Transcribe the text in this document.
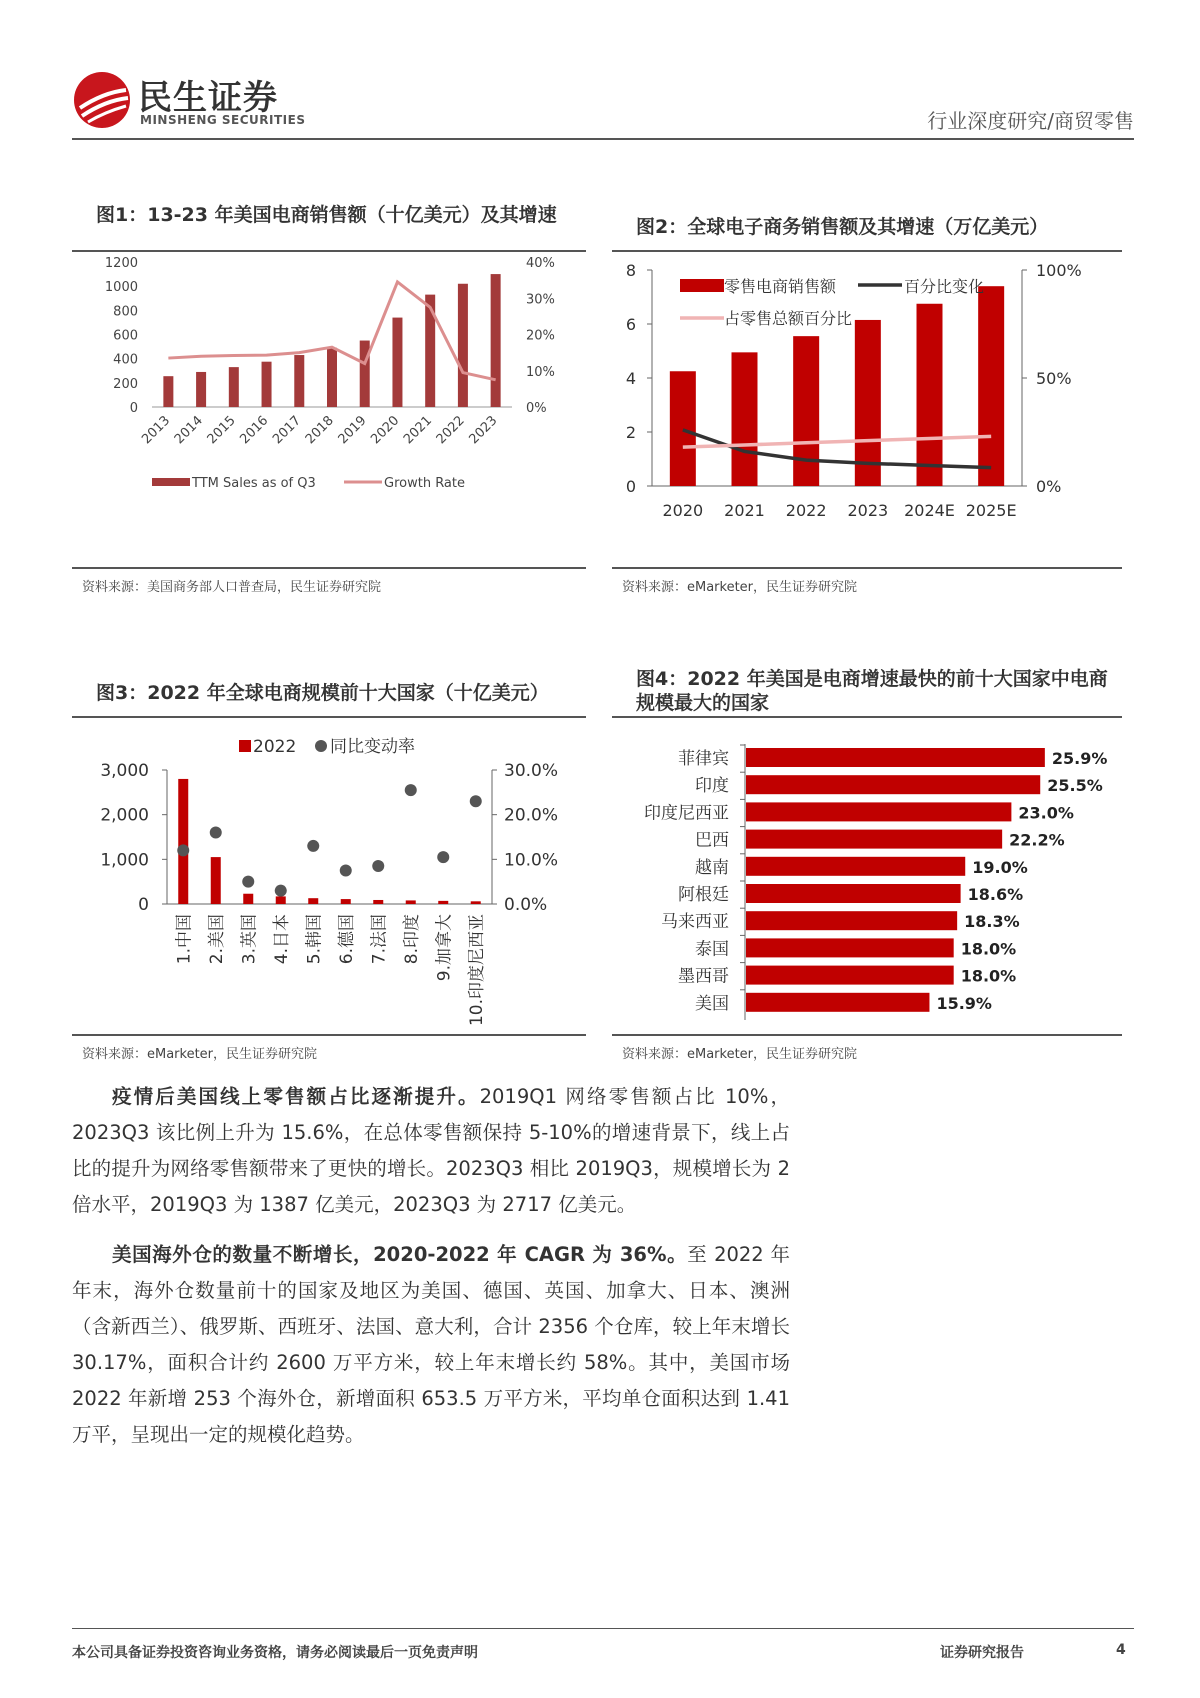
民生证券
MINSHENG SECURITIES	行业深度研究/商贸零售
图1：13-23 年美国电商销售额（十亿美元）及其增速
1200
1000
800
600
400
200
0
40%
30%
20%
10%
0%
2013
2014
2015
2016
2017
2018
2019
2020
2021
2022
2023
TTM Sales as of Q3	Growth Rate
资料来源：美国商务部人口普查局，民生证券研究院
图2：全球电子商务销售额及其增速（万亿美元）
8
6
4
2
0
100%
50%
0%
2020 2021 2022 2023 2024E 2025E
零售电商销售额	百分比变化
占零售总额百分比
资料来源：eMarketer，民生证券研究院
图3：2022 年全球电商规模前十大国家（十亿美元）
3,000
2,000
1,000
0
30.0%
20.0%
10.0%
0.0%
1.中国 2.美国 3.英国 4.日本 5.韩国 6.德国 7.法国 8.印度 9.加拿大 10.印度尼西亚
2022 同比变动率
资料来源：eMarketer，民生证券研究院
图4：2022 年美国是电商增速最快的前十大国家中电商规模最大的国家
菲律宾	25.9%
印度	25.5%
印度尼西亚	23.0%
巴西	22.2%
越南	19.0%
阿根廷	18.6%
马来西亚	18.3%
泰国	18.0%
墨西哥	18.0%
美国	15.9%
资料来源：eMarketer，民生证券研究院
疫情后美国线上零售额占比逐渐提升。2019Q1 网络零售额占比 10%，2023Q3 该比例上升为 15.6%，在总体零售额保持 5-10%的增速背景下，线上占比的提升为网络零售额带来了更快的增长。2023Q3 相比 2019Q3，规模增长为 2 倍水平，2019Q3 为 1387 亿美元，2023Q3 为 2717 亿美元。
美国海外仓的数量不断增长，2020-2022 年 CAGR 为 36%。至 2022 年年末，海外仓数量前十的国家及地区为美国、德国、英国、加拿大、日本、澳洲（含新西兰）、俄罗斯、西班牙、法国、意大利，合计 2356 个仓库，较上年末增长 30.17%，面积合计约 2600 万平方米，较上年末增长约 58%。其中，美国市场 2022 年新增 253 个海外仓，新增面积 653.5 万平方米，平均单仓面积达到 1.41 万平，呈现出一定的规模化趋势。
本公司具备证券投资咨询业务资格，请务必阅读最后一页免责声明	证券研究报告	4
